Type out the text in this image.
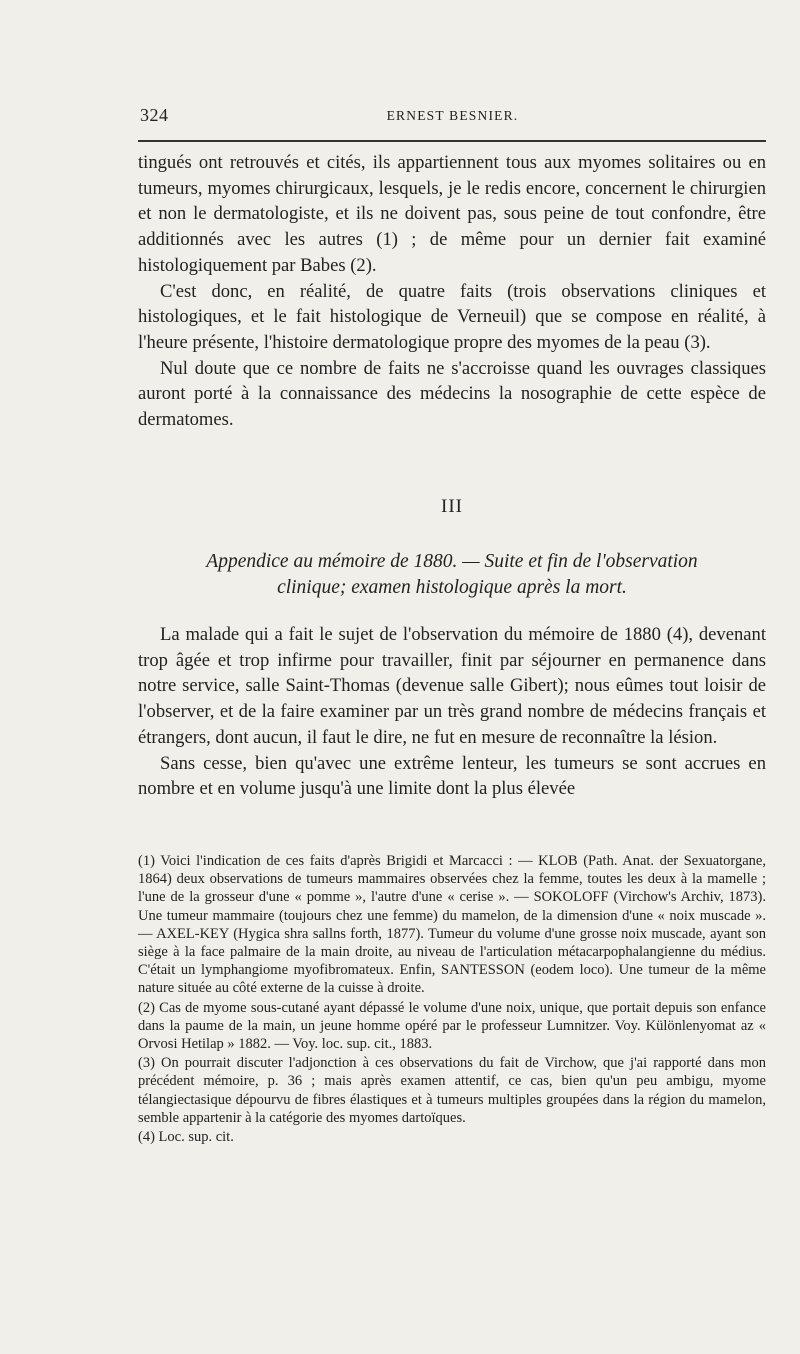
324	ERNEST BESNIER.

tingués ont retrouvés et cités, ils appartiennent tous aux myomes solitaires ou en tumeurs, myomes chirurgicaux, lesquels, je le redis encore, concernent le chirurgien et non le dermatologiste, et ils ne doivent pas, sous peine de tout confondre, être additionnés avec les autres (1) ; de même pour un dernier fait examiné histologiquement par Babes (2).

C'est donc, en réalité, de quatre faits (trois observations cliniques et histologiques, et le fait histologique de Verneuil) que se compose en réalité, à l'heure présente, l'histoire dermatologique propre des myomes de la peau (3).

Nul doute que ce nombre de faits ne s'accroisse quand les ouvrages classiques auront porté à la connaissance des médecins la nosographie de cette espèce de dermatomes.

III
Appendice au mémoire de 1880. — Suite et fin de l'observation
clinique; examen histologique après la mort.

La malade qui a fait le sujet de l'observation du mémoire de 1880 (4), devenant trop âgée et trop infirme pour travailler, finit par séjourner en permanence dans notre service, salle Saint-Thomas (devenue salle Gibert); nous eûmes tout loisir de l'observer, et de la faire examiner par un très grand nombre de médecins français et étrangers, dont aucun, il faut le dire, ne fut en mesure de reconnaître la lésion.

Sans cesse, bien qu'avec une extrême lenteur, les tumeurs se sont accrues en nombre et en volume jusqu'à une limite dont la plus élevée

(1) Voici l'indication de ces faits d'après Brigidi et Marcacci : — KLOB (Path. Anat. der Sexuatorgane, 1864) deux observations de tumeurs mammaires observées chez la femme, toutes les deux à la mamelle ; l'une de la grosseur d'une « pomme », l'autre d'une « cerise ». — SOKOLOFF (Virchow's Archiv, 1873). Une tumeur mammaire (toujours chez une femme) du mamelon, de la dimension d'une « noix muscade ». — AXEL-KEY (Hygica shra sallns forth, 1877). Tumeur du volume d'une grosse noix muscade, ayant son siège à la face palmaire de la main droite, au niveau de l'articulation métacarpophalangienne du médius. C'était un lymphangiome myofibromateux. Enfin, SANTESSON (eodem loco). Une tumeur de la même nature située au côté externe de la cuisse à droite.

(2) Cas de myome sous-cutané ayant dépassé le volume d'une noix, unique, que portait depuis son enfance dans la paume de la main, un jeune homme opéré par le professeur Lumnitzer. Voy. Különlenyomat az « Orvosi Hetilap » 1882. — Voy. loc. sup. cit., 1883.

(3) On pourrait discuter l'adjonction à ces observations du fait de Virchow, que j'ai rapporté dans mon précédent mémoire, p. 36 ; mais après examen attentif, ce cas, bien qu'un peu ambigu, myome télangiectasique dépourvu de fibres élastiques et à tumeurs multiples groupées dans la région du mamelon, semble appartenir à la catégorie des myomes dartoïques.

(4) Loc. sup. cit.
